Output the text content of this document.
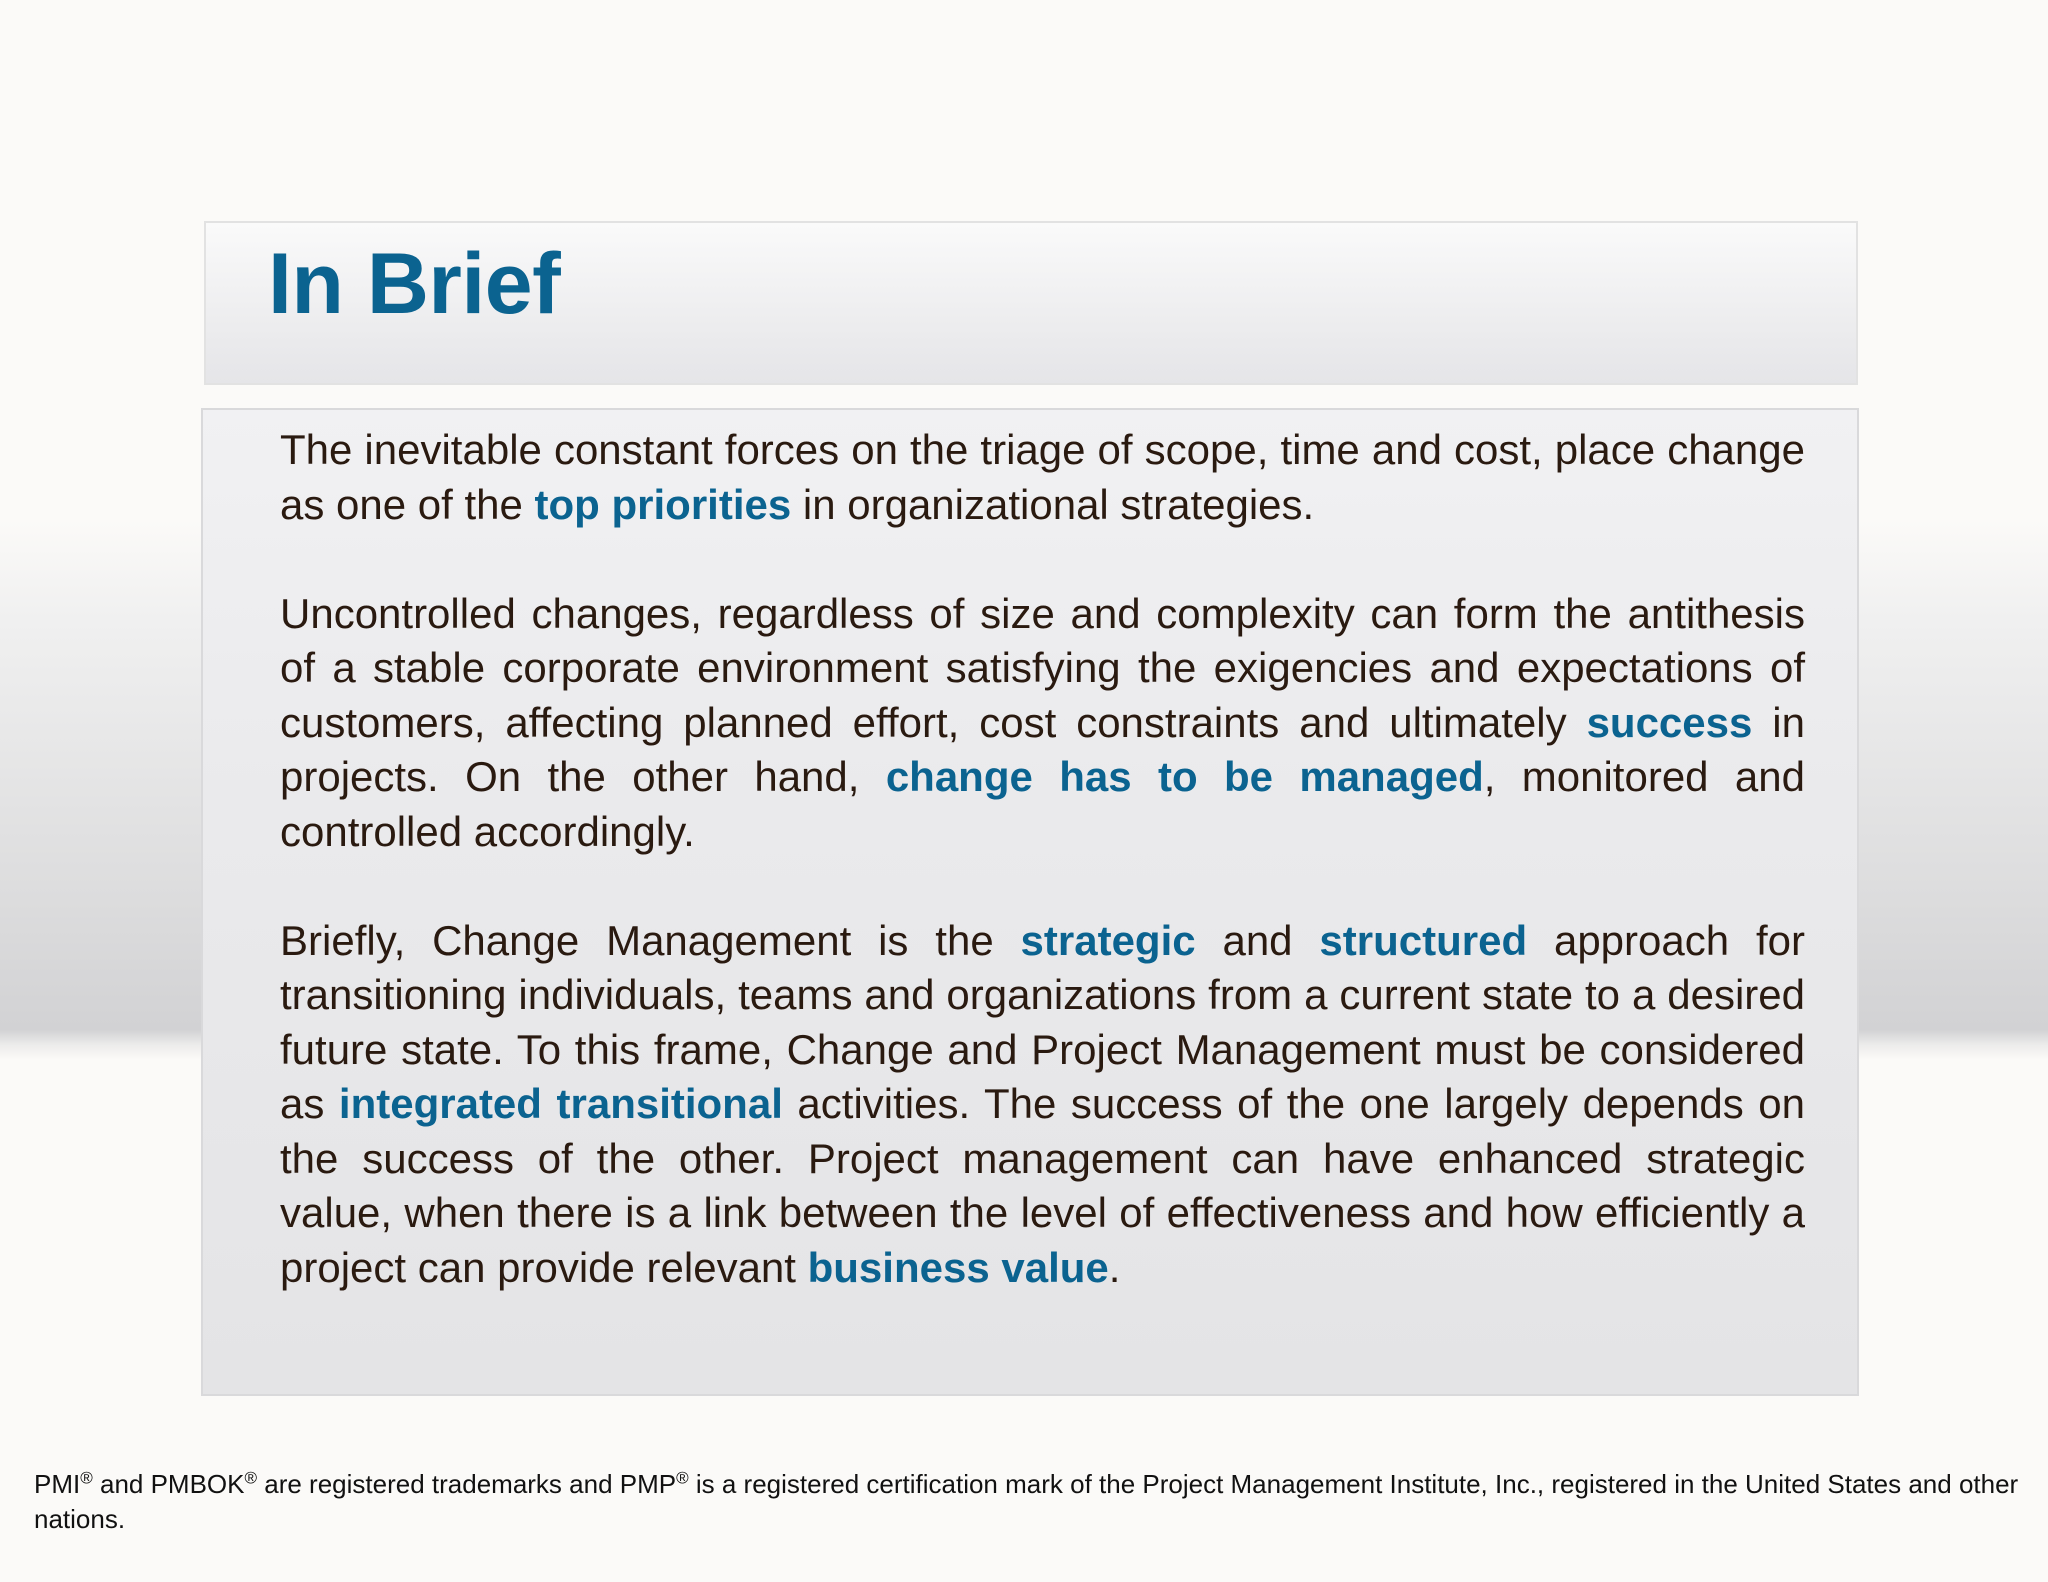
In Brief

The inevitable constant forces on the triage of scope, time and cost, place change as one of the top priorities in organizational strategies.

Uncontrolled changes, regardless of size and complexity can form the antithesis of a stable corporate environment satisfying the exigencies and expectations of customers, affecting planned effort, cost constraints and ultimately success in projects. On the other hand, change has to be managed, monitored and controlled accordingly.

Briefly, Change Management is the strategic and structured approach for transitioning individuals, teams and organizations from a current state to a desired future state. To this frame, Change and Project Management must be considered as integrated transitional activities. The success of the one largely depends on the success of the other. Project management can have enhanced strategic value, when there is a link between the level of effectiveness and how efficiently a project can provide relevant business value.

PMI® and PMBOK® are registered trademarks and PMP® is a registered certification mark of the Project Management Institute, Inc., registered in the United States and other nations.
